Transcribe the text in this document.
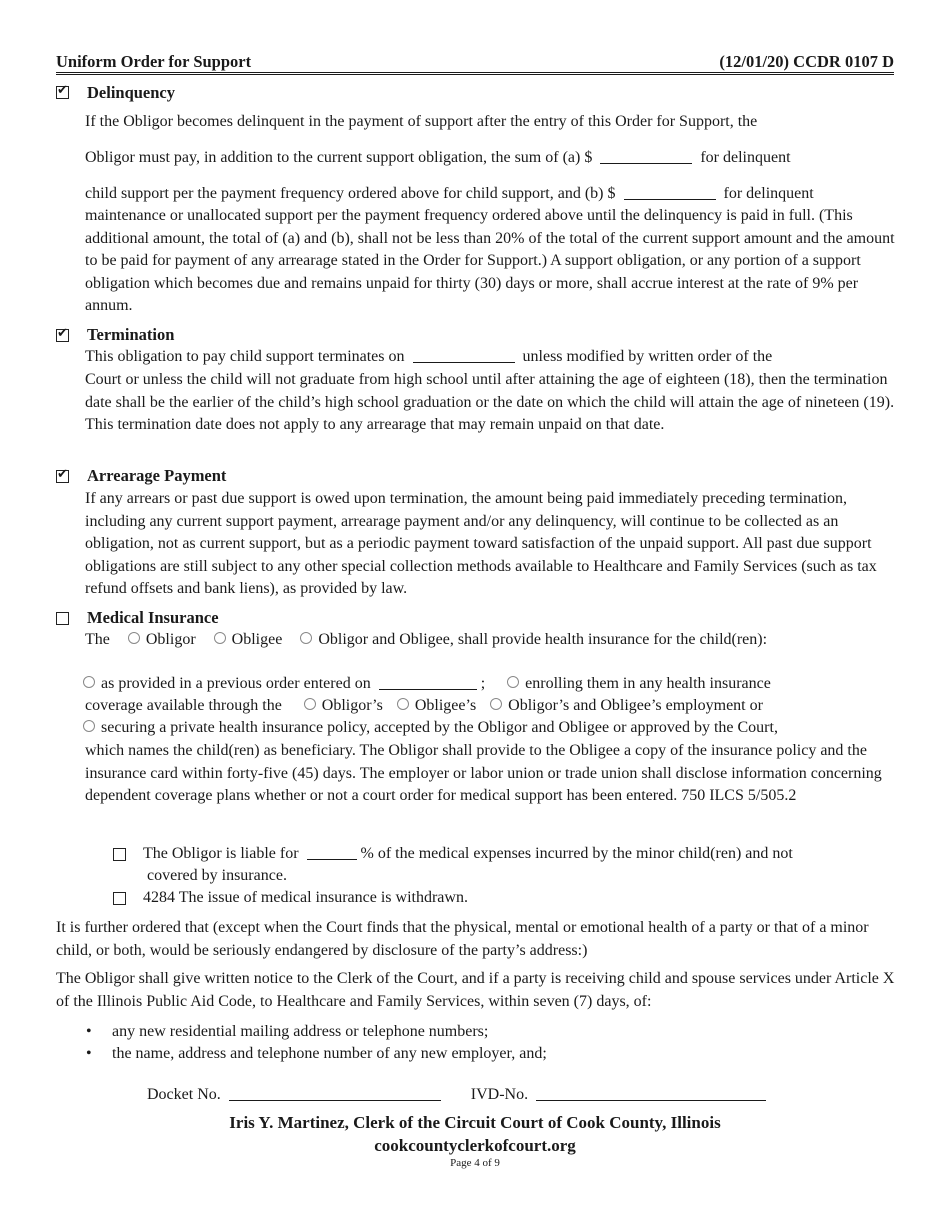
Uniform Order for Support	(12/01/20) CCDR 0107 D
✔
Delinquency
If the Obligor becomes delinquent in the payment of support after the entry of this Order for Support, the
Obligor must pay, in addition to the current support obligation, the sum of (a) $	for delinquent
child support per the payment frequency ordered above for child support, and (b) $	for delinquent
maintenance or unallocated support per the payment frequency ordered above until the delinquency is paid in full. (This additional amount, the total of (a) and (b), shall not be less than 20% of the total of the current support amount and the amount to be paid for payment of any arrearage stated in the Order for Support.) A support obligation, or any portion of a support obligation which becomes due and remains unpaid for thirty (30) days or more, shall accrue interest at the rate of 9% per annum.
✔
Termination
This obligation to pay child support terminates on	unless modified by written order of the
Court or unless the child will not graduate from high school until after attaining the age of eighteen (18), then the termination date shall be the earlier of the child’s high school graduation or the date on which the child will attain the age of nineteen (19). This termination date does not apply to any arrearage that may remain unpaid on that date.
✔
Arrearage Payment
If any arrears or past due support is owed upon termination, the amount being paid immediately preceding termination, including any current support payment, arrearage payment and/or any delinquency, will continue to be collected as an obligation, not as current support, but as a periodic payment toward satisfaction of the unpaid support. All past due support obligations are still subject to any other special collection methods available to Healthcare and Family Services (such as tax refund offsets and bank liens), as provided by law.
Medical Insurance
The Obligor Obligee Obligor and Obligee, shall provide health insurance for the child(ren):
as provided in a previous order entered on	;	enrolling them in any health insurance
coverage available through the	Obligor’s Obligee’s Obligor’s and Obligee’s employment or
securing a private health insurance policy, accepted by the Obligor and Obligee or approved by the Court,
which names the child(ren) as beneficiary. The Obligor shall provide to the Obligee a copy of the insurance policy and the insurance card within forty-five (45) days. The employer or labor union or trade union shall disclose information concerning dependent coverage plans whether or not a court order for medical support has been entered. 750 ILCS 5/505.2
The Obligor is liable for	% of the medical expenses incurred by the minor child(ren) and not
covered by insurance.
4284 The issue of medical insurance is withdrawn.
It is further ordered that (except when the Court finds that the physical, mental or emotional health of a party or that of a minor child, or both, would be seriously endangered by disclosure of the party’s address:)
The Obligor shall give written notice to the Clerk of the Court, and if a party is receiving child and spouse services under Article X of the Illinois Public Aid Code, to Healthcare and Family Services, within seven (7) days, of:
• any new residential mailing address or telephone numbers;
• the name, address and telephone number of any new employer, and;
Docket No.	IVD-No.
Iris Y. Martinez, Clerk of the Circuit Court of Cook County, Illinois
cookcountyclerkofcourt.org
Page 4 of 9
